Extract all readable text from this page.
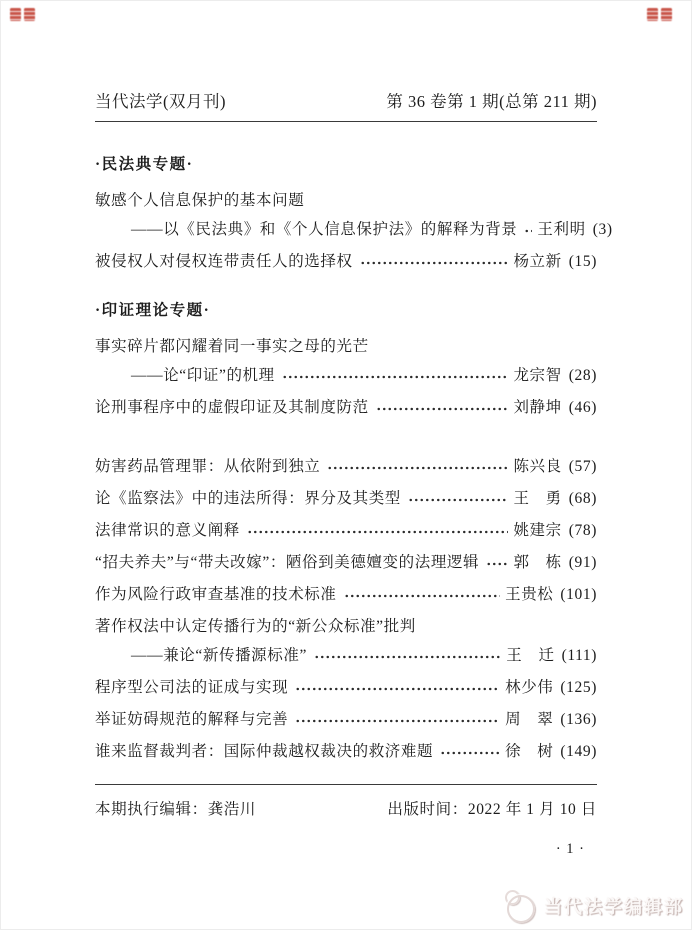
当代法学(双月刊)	第 36 卷第 1 期(总第 211 期)
·民法典专题·
敏感个人信息保护的基本问题
——以《民法典》和《个人信息保护法》的解释为背景 王利明 (3)
被侵权人对侵权连带责任人的选择权	杨立新 (15)
·印证理论专题·
事实碎片都闪耀着同一事实之母的光芒
——论“印证”的机理	龙宗智 (28)
论刑事程序中的虚假印证及其制度防范	刘静坤 (46)
妨害药品管理罪：从依附到独立	陈兴良 (57)
论《监察法》中的违法所得：界分及其类型	王　勇 (68)
法律常识的意义阐释	姚建宗 (78)
“招夫养夫”与“带夫改嫁”：陋俗到美德嬗变的法理逻辑 郭　栋 (91)
作为风险行政审查基准的技术标准	王贵松 (101)
著作权法中认定传播行为的“新公众标准”批判
——兼论“新传播源标准”	王　迁 (111)
程序型公司法的证成与实现	林少伟 (125)
举证妨碍规范的解释与完善	周　翠 (136)
谁来监督裁判者：国际仲裁越权裁决的救济难题	徐　树 (149)
本期执行编辑：龚浩川	出版时间：2022 年 1 月 10 日
· 1 ·
当代法学编辑部
